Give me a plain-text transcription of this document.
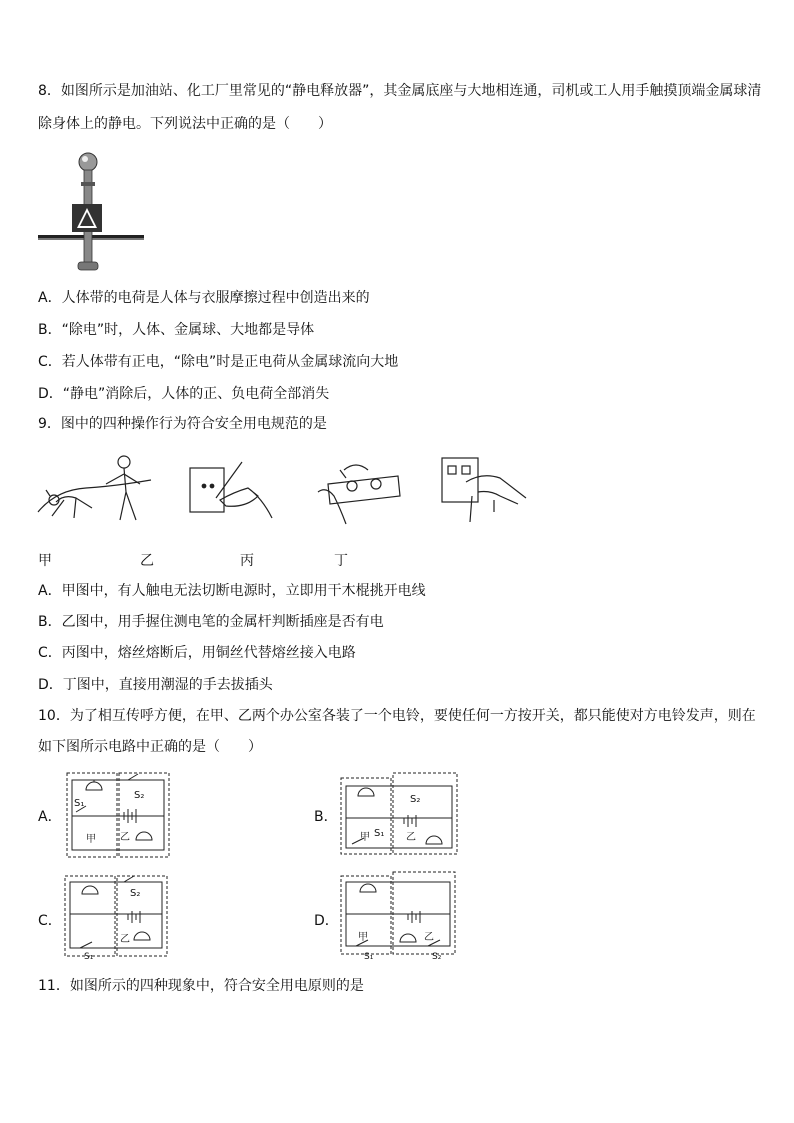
8．如图所示是加油站、化工厂里常见的“静电释放器”，其金属底座与大地相连通，司机或工人用手触摸顶端金属球清
除身体上的静电。下列说法中正确的是（　　）
A．人体带的电荷是人体与衣服摩擦过程中创造出来的
B．“除电”时，人体、金属球、大地都是导体
C．若人体带有正电，“除电”时是正电荷从金属球流向大地
D．“静电”消除后，人体的正、负电荷全部消失
9．图中的四种操作行为符合安全用电规范的是
甲	乙	丙	丁
A．甲图中，有人触电无法切断电源时，立即用干木棍挑开电线
B．乙图中，用手握住测电笔的金属杆判断插座是否有电
C．丙图中，熔丝熔断后，用铜丝代替熔丝接入电路
D．丁图中，直接用潮湿的手去拔插头
10．为了相互传呼方便，在甲、乙两个办公室各装了一个电铃，要使任何一方按开关，都只能使对方电铃发声，则在
如下图所示电路中正确的是（　　）
A．
S₂
S₁
甲 乙
B．
S₂
甲 S₁ 乙
C．
S₂
乙
S₁
D．
甲	乙
S₁	S₂
11．如图所示的四种现象中，符合安全用电原则的是
